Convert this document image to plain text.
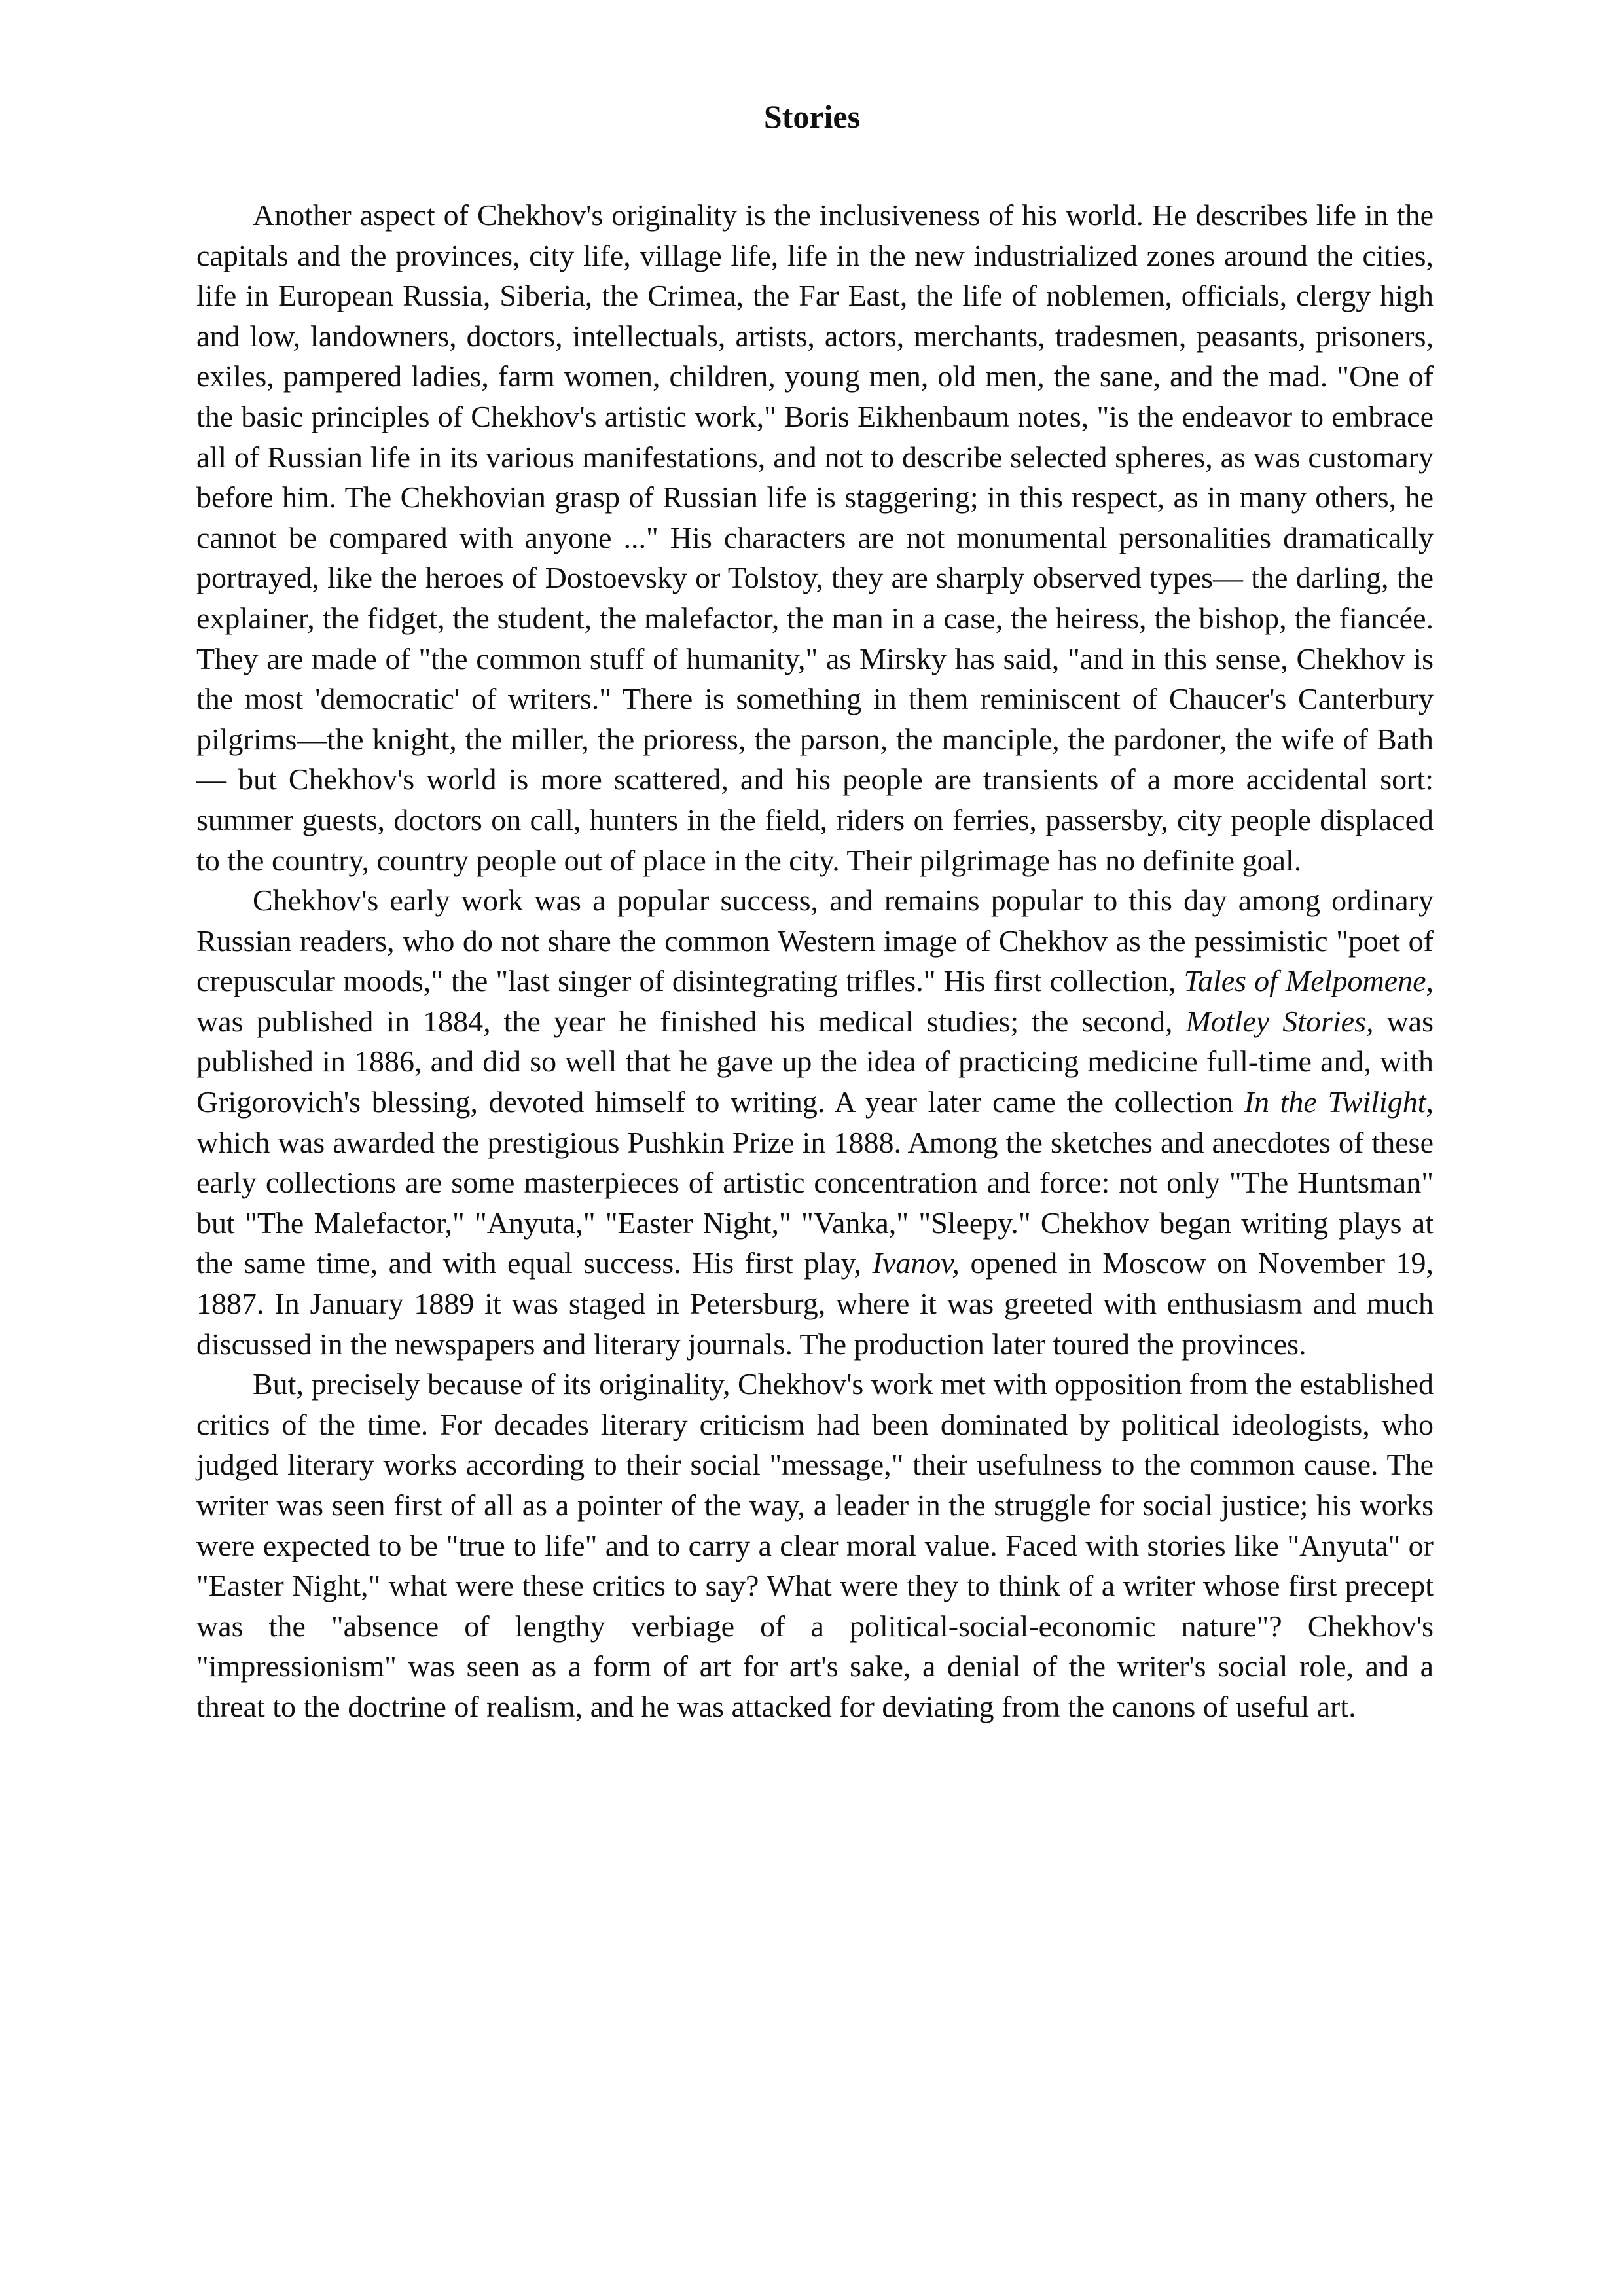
Stories

Another aspect of Chekhov's originality is the inclusiveness of his world. He describes life in the capitals and the provinces, city life, village life, life in the new industrialized zones around the cities, life in European Russia, Siberia, the Crimea, the Far East, the life of noblemen, officials, clergy high and low, landowners, doctors, intellectuals, artists, actors, merchants, tradesmen, peasants, prisoners, exiles, pampered ladies, farm women, children, young men, old men, the sane, and the mad. "One of the basic principles of Chekhov's artistic work," Boris Eikhenbaum notes, "is the endeavor to embrace all of Russian life in its various manifestations, and not to describe selected spheres, as was customary before him. The Chekhovian grasp of Russian life is staggering; in this respect, as in many others, he cannot be compared with anyone ..." His characters are not monumental personalities dramatically portrayed, like the heroes of Dostoevsky or Tolstoy, they are sharply observed types— the darling, the explainer, the fidget, the student, the malefactor, the man in a case, the heiress, the bishop, the fiancée. They are made of "the common stuff of humanity," as Mirsky has said, "and in this sense, Chekhov is the most 'democratic' of writers." There is something in them reminiscent of Chaucer's Canterbury pilgrims—the knight, the miller, the prioress, the parson, the manciple, the pardoner, the wife of Bath— but Chekhov's world is more scattered, and his people are transients of a more accidental sort: summer guests, doctors on call, hunters in the field, riders on ferries, passersby, city people displaced to the country, country people out of place in the city. Their pilgrimage has no definite goal.

Chekhov's early work was a popular success, and remains popular to this day among ordinary Russian readers, who do not share the common Western image of Chekhov as the pessimistic "poet of crepuscular moods," the "last singer of disintegrating trifles." His first collection, Tales of Melpomene, was published in 1884, the year he finished his medical studies; the second, Motley Stories, was published in 1886, and did so well that he gave up the idea of practicing medicine full-time and, with Grigorovich's blessing, devoted himself to writing. A year later came the collection In the Twilight, which was awarded the prestigious Pushkin Prize in 1888. Among the sketches and anecdotes of these early collections are some masterpieces of artistic concentration and force: not only "The Huntsman" but "The Malefactor," "Anyuta," "Easter Night," "Vanka," "Sleepy." Chekhov began writing plays at the same time, and with equal success. His first play, Ivanov, opened in Moscow on November 19, 1887. In January 1889 it was staged in Petersburg, where it was greeted with enthusiasm and much discussed in the newspapers and literary journals. The production later toured the provinces.

But, precisely because of its originality, Chekhov's work met with opposition from the established critics of the time. For decades literary criticism had been dominated by political ideologists, who judged literary works according to their social "message," their usefulness to the common cause. The writer was seen first of all as a pointer of the way, a leader in the struggle for social justice; his works were expected to be "true to life" and to carry a clear moral value. Faced with stories like "Anyuta" or "Easter Night," what were these critics to say? What were they to think of a writer whose first precept was the "absence of lengthy verbiage of a political-social-economic nature"? Chekhov's "impressionism" was seen as a form of art for art's sake, a denial of the writer's social role, and a threat to the doctrine of realism, and he was attacked for deviating from the canons of useful art.
